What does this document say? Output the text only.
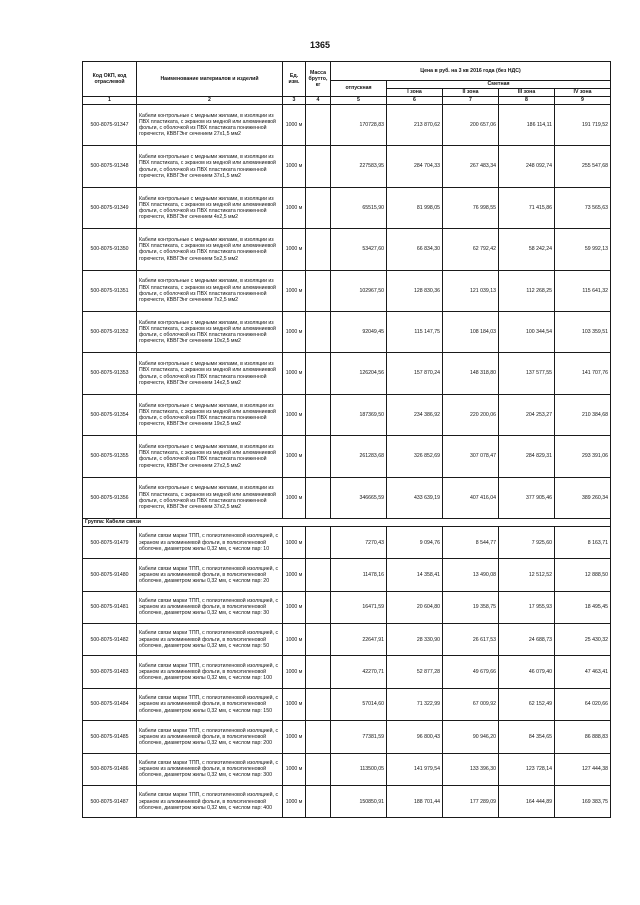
1365
Код ОКП, код отраслевой	Наименование материалов и изделий	Ед. изм.	Масса брутто, кг	Цена в руб. на 3 кв 2016 года (без НДС)				
				отпускная	Сметная			
					I зона	II зона	III зона	IV зона
1	2	3	4	5	6	7	8	9
500-8075-91347	Кабели контрольные с медными жилами, в изоляции из ПВХ пластиката, с экраном из медной или алюминиевой фольги, с оболочкой из ПВХ пластиката пониженной горючести, КВВГЭнг сечением 27x1,5 мм2	1000 м		170728,83	213 870,62	200 657,06	186 114,11	191 719,52
500-8075-91348	Кабели контрольные с медными жилами, в изоляции из ПВХ пластиката, с экраном из медной или алюминиевой фольги, с оболочкой из ПВХ пластиката пониженной горючести, КВВГЭнг сечением 37x1,5 мм2	1000 м		227583,95	284 704,33	267 483,34	248 092,74	255 547,68
500-8075-91349	Кабели контрольные с медными жилами, в изоляции из ПВХ пластиката, с экраном из медной или алюминиевой фольги, с оболочкой из ПВХ пластиката пониженной горючести, КВВГЭнг сечением 4x2,5 мм2	1000 м		65515,90	81 998,05	76 998,55	71 415,86	73 565,63
500-8075-91350	Кабели контрольные с медными жилами, в изоляции из ПВХ пластиката, с экраном из медной или алюминиевой фольги, с оболочкой из ПВХ пластиката пониженной горючести, КВВГЭнг сечением 5x2,5 мм2	1000 м		53427,60	66 834,30	62 792,42	58 242,24	59 992,13
500-8075-91351	Кабели контрольные с медными жилами, в изоляции из ПВХ пластиката, с экраном из медной или алюминиевой фольги, с оболочкой из ПВХ пластиката пониженной горючести, КВВГЭнг сечением 7x2,5 мм2	1000 м		102967,50	128 830,36	121 039,13	112 268,25	115 641,32
500-8075-91352	Кабели контрольные с медными жилами, в изоляции из ПВХ пластиката, с экраном из медной или алюминиевой фольги, с оболочкой из ПВХ пластиката пониженной горючести, КВВГЭнг сечением 10x2,5 мм2	1000 м		92049,45	115 147,75	108 184,03	100 344,54	103 359,51
500-8075-91353	Кабели контрольные с медными жилами, в изоляции из ПВХ пластиката, с экраном из медной или алюминиевой фольги, с оболочкой из ПВХ пластиката пониженной горючести, КВВГЭнг сечением 14x2,5 мм2	1000 м		126204,56	157 870,24	148 318,80	137 577,55	141 707,76
500-8075-91354	Кабели контрольные с медными жилами, в изоляции из ПВХ пластиката, с экраном из медной или алюминиевой фольги, с оболочкой из ПВХ пластиката пониженной горючести, КВВГЭнг сечением 19x2,5 мм2	1000 м		187369,50	234 386,92	220 200,06	204 253,27	210 384,68
500-8075-91355	Кабели контрольные с медными жилами, в изоляции из ПВХ пластиката, с экраном из медной или алюминиевой фольги, с оболочкой из ПВХ пластиката пониженной горючести, КВВГЭнг сечением 27x2,5 мм2	1000 м		261283,68	326 852,69	307 078,47	284 829,31	293 391,06
500-8075-91356	Кабели контрольные с медными жилами, в изоляции из ПВХ пластиката, с экраном из медной или алюминиевой фольги, с оболочкой из ПВХ пластиката пониженной горючести, КВВГЭнг сечением 37x2,5 мм2	1000 м		346665,59	433 639,19	407 416,04	377 905,46	389 260,34
Группа: Кабели связи								
500-8075-91479	Кабели связи марки ТПП, с полиэтиленовой изоляцией, с экраном из алюминиевой фольги, в полиэтиленовой оболочке, диаметром жилы 0,32 мм, с числом пар: 10	1000 м		7270,43	9 094,76	8 544,77	7 925,60	8 163,71
500-8075-91480	Кабели связи марки ТПП, с полиэтиленовой изоляцией, с экраном из алюминиевой фольги, в полиэтиленовой оболочке, диаметром жилы 0,32 мм, с числом пар: 20	1000 м		11478,16	14 358,41	13 490,08	12 512,52	12 888,50
500-8075-91481	Кабели связи марки ТПП, с полиэтиленовой изоляцией, с экраном из алюминиевой фольги, в полиэтиленовой оболочке, диаметром жилы 0,32 мм, с числом пар: 30	1000 м		16471,59	20 604,80	19 358,75	17 955,93	18 495,45
500-8075-91482	Кабели связи марки ТПП, с полиэтиленовой изоляцией, с экраном из алюминиевой фольги, в полиэтиленовой оболочке, диаметром жилы 0,32 мм, с числом пар: 50	1000 м		22647,91	28 330,90	26 617,53	24 688,73	25 430,32
500-8075-91483	Кабели связи марки ТПП, с полиэтиленовой изоляцией, с экраном из алюминиевой фольги, в полиэтиленовой оболочке, диаметром жилы 0,32 мм, с числом пар: 100	1000 м		42270,71	52 877,28	49 679,66	46 079,40	47 463,41
500-8075-91484	Кабели связи марки ТПП, с полиэтиленовой изоляцией, с экраном из алюминиевой фольги, в полиэтиленовой оболочке, диаметром жилы 0,32 мм, с числом пар: 150	1000 м		57014,60	71 322,99	67 009,92	62 152,49	64 020,66
500-8075-91485	Кабели связи марки ТПП, с полиэтиленовой изоляцией, с экраном из алюминиевой фольги, в полиэтиленовой оболочке, диаметром жилы 0,32 мм, с числом пар: 200	1000 м		77381,59	96 800,43	90 946,20	84 354,65	86 888,83
500-8075-91486	Кабели связи марки ТПП, с полиэтиленовой изоляцией, с экраном из алюминиевой фольги, в полиэтиленовой оболочке, диаметром жилы 0,32 мм, с числом пар: 300	1000 м		113500,05	141 979,54	133 396,30	123 728,14	127 444,38
500-8075-91487	Кабели связи марки ТПП, с полиэтиленовой изоляцией, с экраном из алюминиевой фольги, в полиэтиленовой оболочке, диаметром жилы 0,32 мм, с числом пар: 400	1000 м		150850,91	188 701,44	177 289,09	164 444,89	169 383,75
